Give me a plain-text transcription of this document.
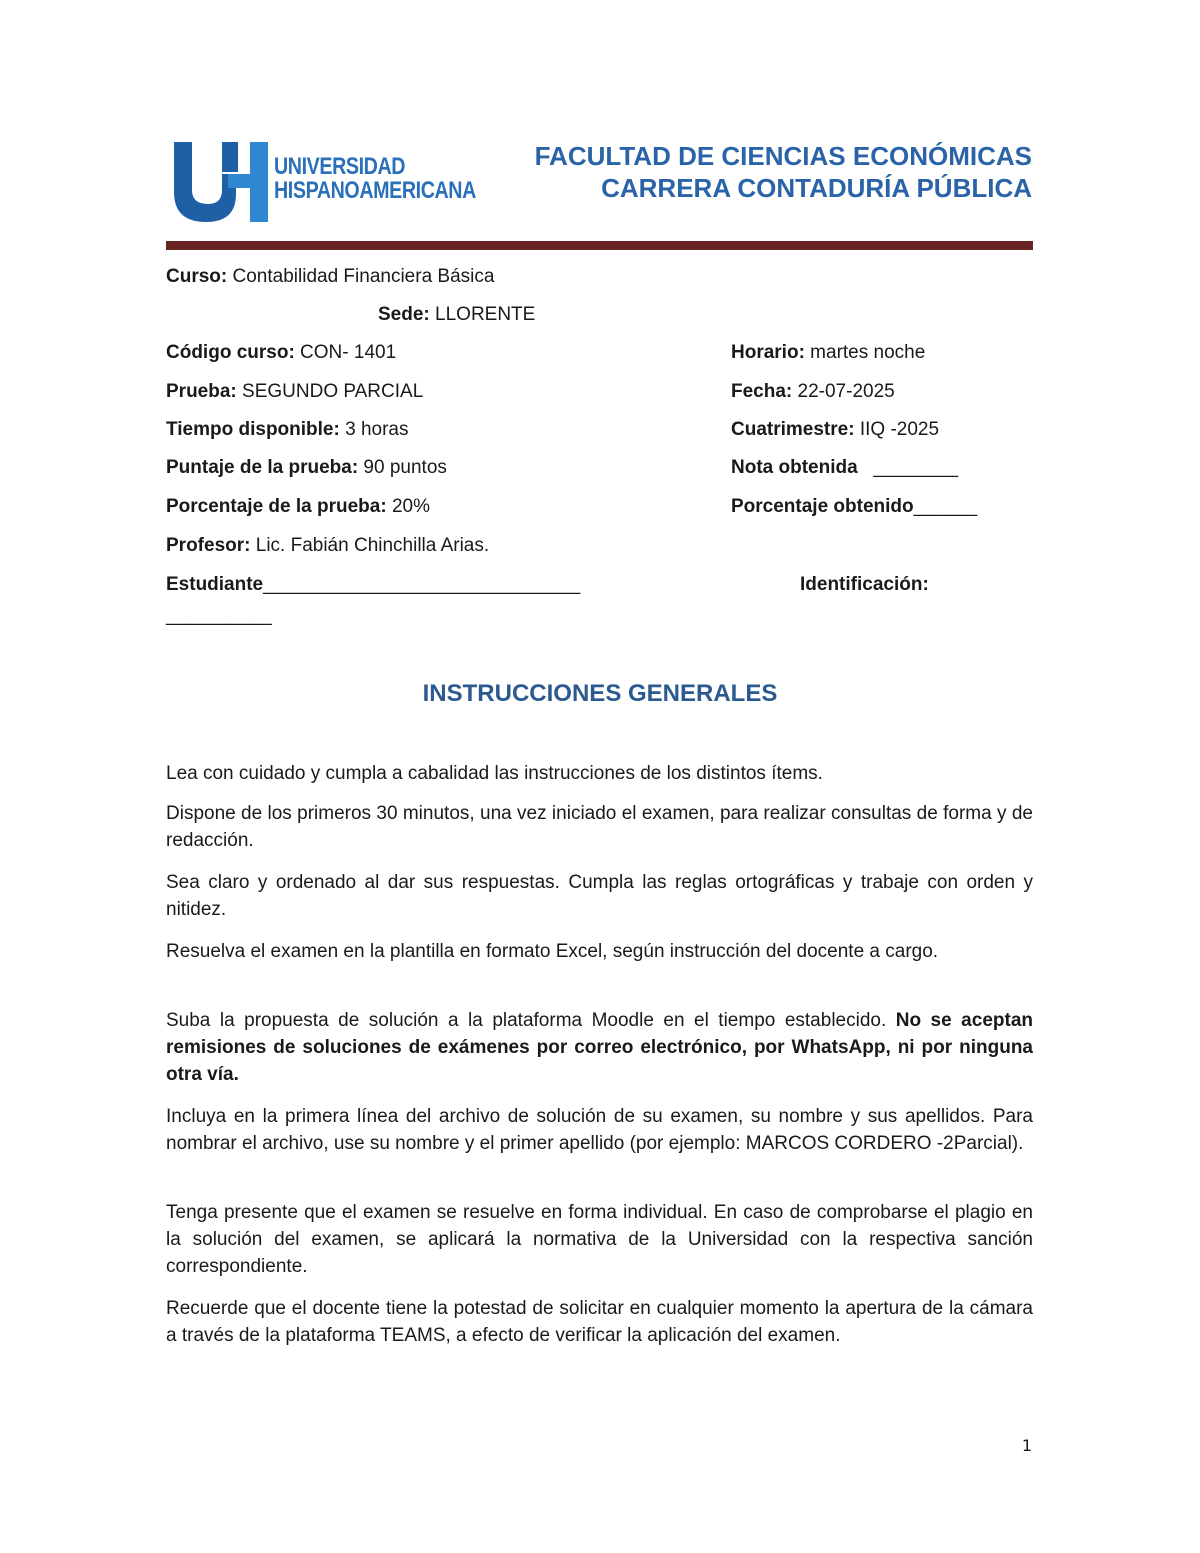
UNIVERSIDAD
HISPANOAMERICANA
FACULTAD DE CIENCIAS ECONÓMICAS
CARRERA CONTADURÍA PÚBLICA
Curso: Contabilidad Financiera Básica
Sede: LLORENTE
Código curso: CON- 1401	Horario: martes noche
Prueba: SEGUNDO PARCIAL	Fecha: 22-07-2025
Tiempo disponible: 3 horas	Cuatrimestre: IIQ -2025
Puntaje de la prueba: 90 puntos	Nota obtenida   ________
Porcentaje de la prueba: 20%	Porcentaje obtenido______
Profesor: Lic. Fabián Chinchilla Arias.
Estudiante______________________________	Identificación:
__________
INSTRUCCIONES GENERALES
Lea con cuidado y cumpla a cabalidad las instrucciones de los distintos ítems.
Dispone de los primeros 30 minutos, una vez iniciado el examen, para realizar consultas de forma y de redacción.
Sea claro y ordenado al dar sus respuestas. Cumpla las reglas ortográficas y trabaje con orden y nitidez.
Resuelva el examen en la plantilla en formato Excel, según instrucción del docente a cargo.
Suba la propuesta de solución a la plataforma Moodle en el tiempo establecido. No se aceptan remisiones de soluciones de exámenes por correo electrónico, por WhatsApp, ni por ninguna otra vía.
Incluya en la primera línea del archivo de solución de su examen, su nombre y sus apellidos. Para nombrar el archivo, use su nombre y el primer apellido (por ejemplo: MARCOS CORDERO -2Parcial).
Tenga presente que el examen se resuelve en forma individual. En caso de comprobarse el plagio en la solución del examen, se aplicará la normativa de la Universidad con la respectiva sanción correspondiente.
Recuerde que el docente tiene la potestad de solicitar en cualquier momento la apertura de la cámara a través de la plataforma TEAMS, a efecto de verificar la aplicación del examen.
1
